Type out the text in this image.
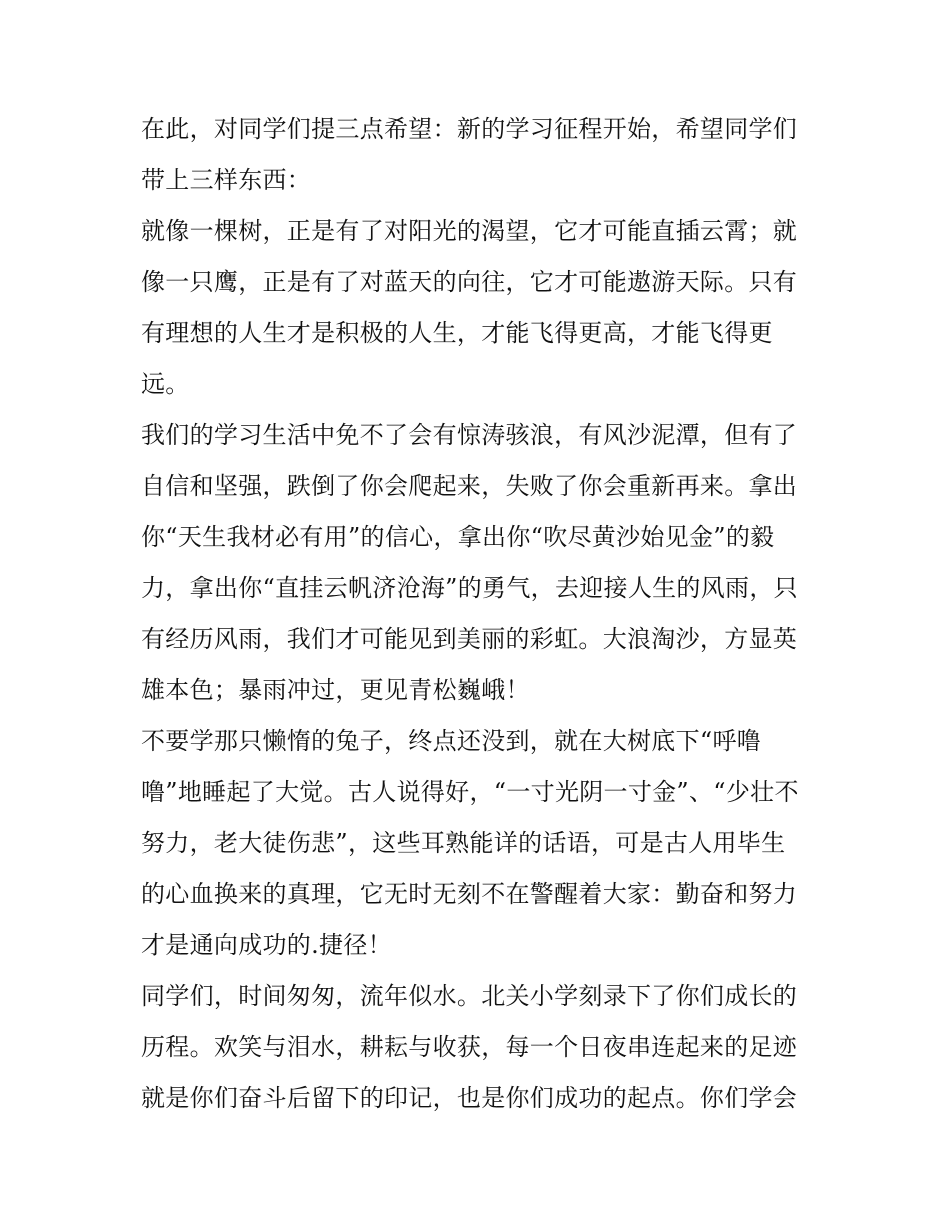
在此，对同学们提三点希望：新的学习征程开始，希望同学们
带上三样东西：
就像一棵树，正是有了对阳光的渴望，它才可能直插云霄；就
像一只鹰，正是有了对蓝天的向往，它才可能遨游天际。只有
有理想的人生才是积极的人生，才能飞得更高，才能飞得更
远。
我们的学习生活中免不了会有惊涛骇浪，有风沙泥潭，但有了
自信和坚强，跌倒了你会爬起来，失败了你会重新再来。拿出
你“天生我材必有用”的信心，拿出你“吹尽黄沙始见金”的毅
力，拿出你“直挂云帆济沧海”的勇气，去迎接人生的风雨，只
有经历风雨，我们才可能见到美丽的彩虹。大浪淘沙，方显英
雄本色；暴雨冲过，更见青松巍峨！
不要学那只懒惰的兔子，终点还没到，就在大树底下“呼噜
噜”地睡起了大觉。古人说得好，“一寸光阴一寸金”、“少壮不
努力，老大徒伤悲”，这些耳熟能详的话语，可是古人用毕生
的心血换来的真理，它无时无刻不在警醒着大家：勤奋和努力
才是通向成功的.捷径！
同学们，时间匆匆，流年似水。北关小学刻录下了你们成长的
历程。欢笑与泪水，耕耘与收获，每一个日夜串连起来的足迹
就是你们奋斗后留下的印记，也是你们成功的起点。你们学会
